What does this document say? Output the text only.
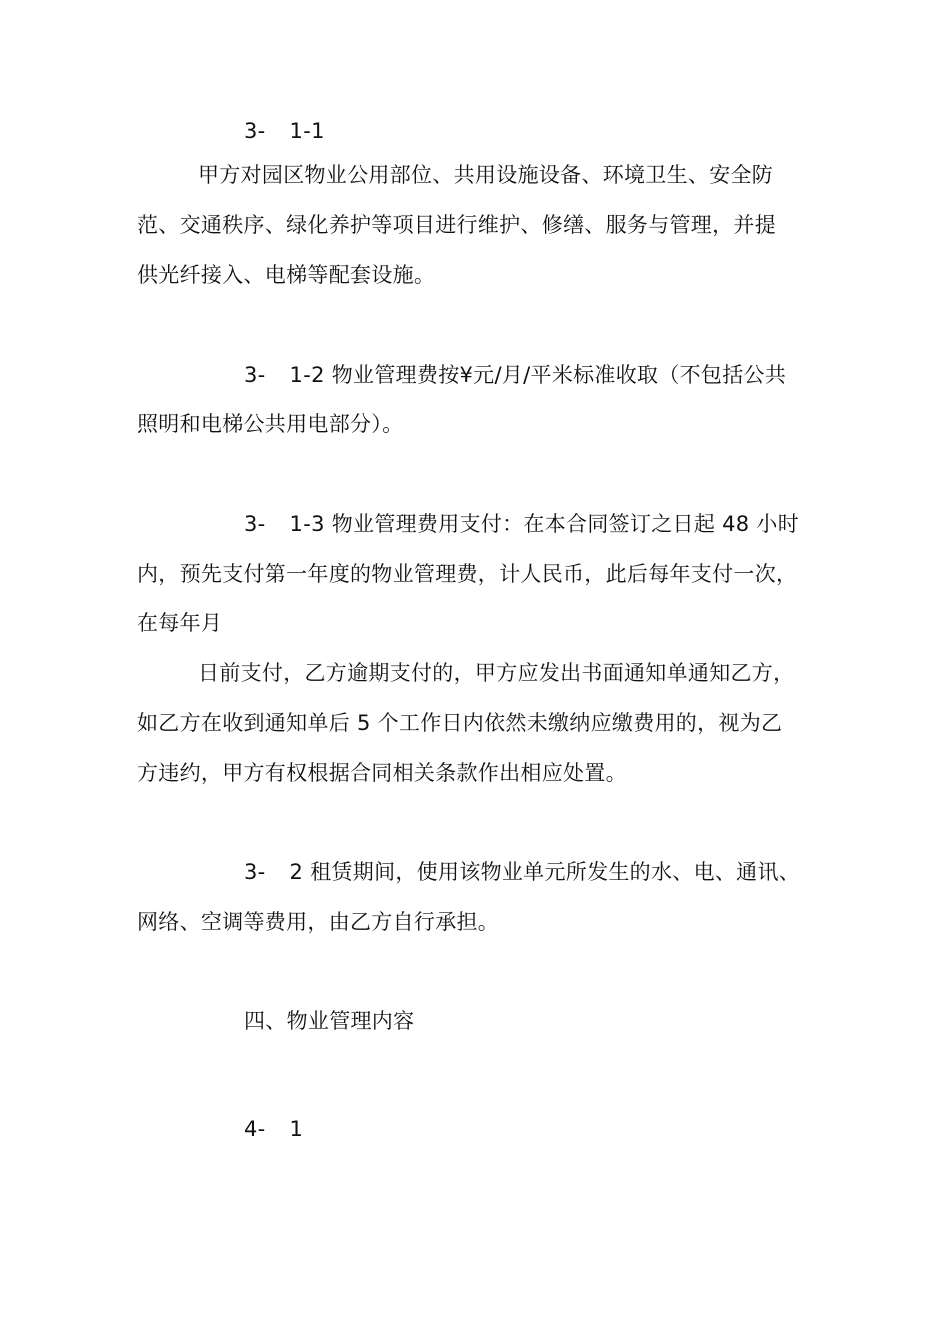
3- 1-1
甲方对园区物业公用部位、共用设施设备、环境卫生、安全防
范、交通秩序、绿化养护等项目进行维护、修缮、服务与管理，并提
供光纤接入、电梯等配套设施。
3- 1-2 物业管理费按¥元/月/平米标准收取（不包括公共
照明和电梯公共用电部分）。
3- 1-3 物业管理费用支付：在本合同签订之日起 48 小时
内，预先支付第一年度的物业管理费，计人民币，此后每年支付一次，
在每年月
日前支付，乙方逾期支付的，甲方应发出书面通知单通知乙方，
如乙方在收到通知单后 5 个工作日内依然未缴纳应缴费用的，视为乙
方违约，甲方有权根据合同相关条款作出相应处置。
3- 2 租赁期间，使用该物业单元所发生的水、电、通讯、
网络、空调等费用，由乙方自行承担。
四、物业管理内容
4- 1
